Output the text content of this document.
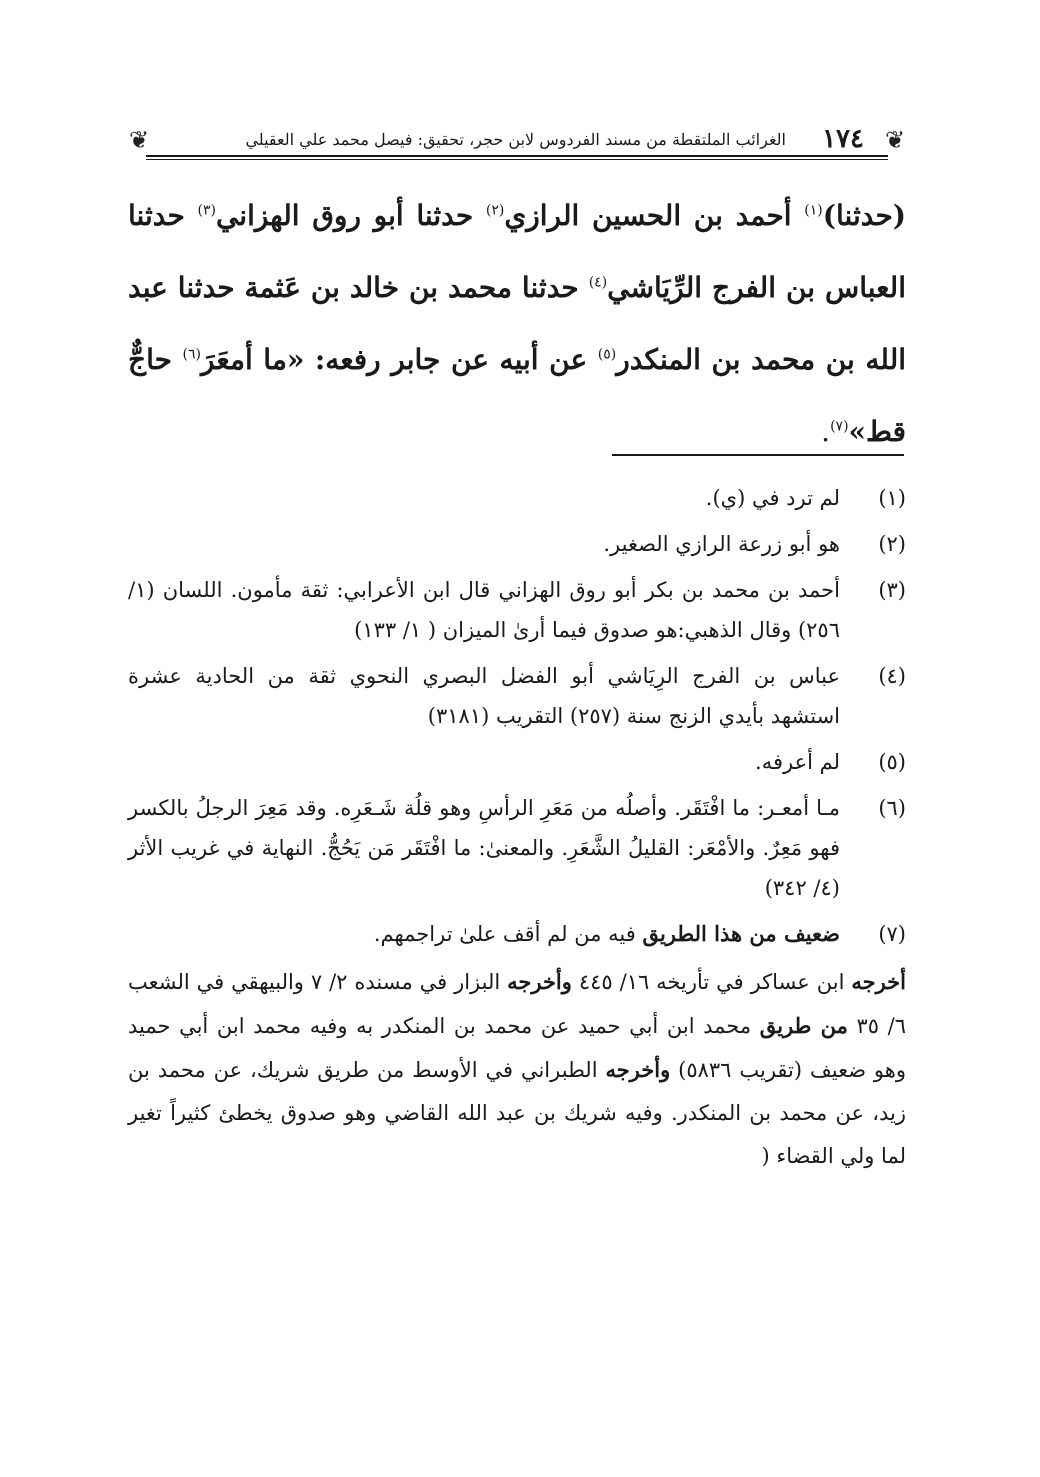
❦
١٧٤
الغرائب الملتقطة من مسند الفردوس لابن حجر، تحقيق: فيصل محمد علي العقيلي
❦
(حدثنا)$^{(١)}$ أحمد بن الحسين الرازي$^{(٢)}$ حدثنا أبو روق الهزاني$^{(٣)}$ حدثنا العباس بن الفرج الرِّيَاشي$^{(٤)}$ حدثنا محمد بن خالد بن عَثمة حدثنا عبد الله بن محمد بن المنكدر$^{(٥)}$ عن أبيه عن جابر رفعه: «ما أمعَرَ$^{(٦)}$ حاجٌّ قط»$^{(٧)}$.
(١)
لم ترد في (ي).
(٢)
هو أبو زرعة الرازي الصغير.
(٣)
أحمد بن محمد بن بكر أبو روق الهزاني قال ابن الأعرابي: ثقة مأمون. اللسان (١/ ٢٥٦) وقال الذهبي:هو صدوق فيما أرىٰ الميزان ( ١/ ١٣٣)
(٤)
عباس بن الفرج الرِيَاشي أبو الفضل البصري النحوي ثقة من الحادية عشرة استشهد بأيدي الزنج سنة (٢٥٧) التقريب (٣١٨١)
(٥)
لم أعرفه.
(٦)
مـا أمعـر: ما افْتَقَر. وأصلُه من مَعَرِ الرأسِ وهو قلُة شَـعَرِه. وقد مَعِرَ الرجلُ بالكسر فهو مَعِرٌ. والأمْعَر: القليلُ الشَّعَرِ. والمعنىٰ: ما افْتَقَر مَن يَحُجُّ. النهاية في غريب الأثر (٤/ ٣٤٢)
(٧)
ضعيف من هذا الطريق فيه من لم أقف علىٰ تراجمهم.
أخرجه ابن عساكر في تأريخه ١٦/ ٤٤٥ وأخرجه البزار في مسنده ٢/ ٧ والبيهقي في الشعب ٦/ ٣٥ من طريق محمد ابن أبي حميد عن محمد بن المنكدر به وفيه محمد ابن أبي حميد وهو ضعيف (تقريب ٥٨٣٦) وأخرجه الطبراني في الأوسط من طريق شريك، عن محمد بن زيد، عن محمد بن المنكدر. وفيه شريك بن عبد الله القاضي وهو صدوق يخطئ كثيراً تغير لما ولي القضاء (
